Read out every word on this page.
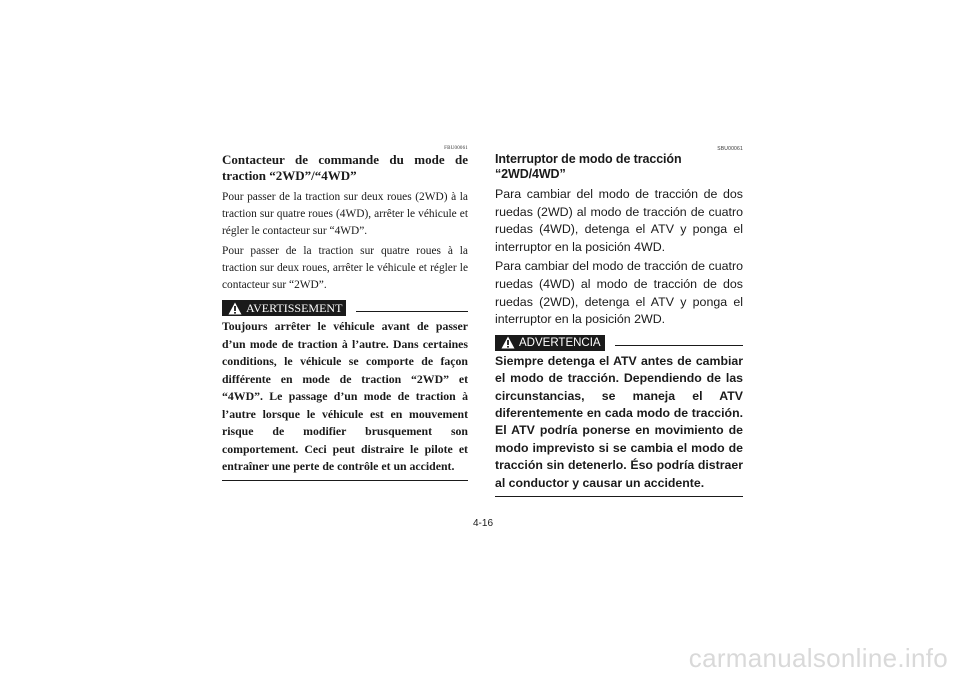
FBU00061
Contacteur de commande du mode de traction “2WD”/“4WD”

Pour passer de la traction sur deux roues (2WD) à la traction sur quatre roues (4WD), arrêter le véhicule et régler le contacteur sur “4WD”.

Pour passer de la traction sur quatre roues à la traction sur deux roues, arrêter le véhicule et régler le contacteur sur “2WD”.

AVERTISSEMENT
Toujours arrêter le véhicule avant de passer d’un mode de traction à l’autre. Dans certaines conditions, le véhicule se comporte de façon différente en mode de traction “2WD” et “4WD”. Le passage d’un mode de traction à l’autre lorsque le véhicule est en mouvement risque de modifier brusquement son comportement. Ceci peut distraire le pilote et entraîner une perte de contrôle et un accident.
SBU00061
Interruptor de modo de tracción “2WD/4WD”

Para cambiar del modo de tracción de dos ruedas (2WD) al modo de tracción de cuatro ruedas (4WD), detenga el ATV y ponga el interruptor en la posición 4WD.

Para cambiar del modo de tracción de cuatro ruedas (4WD) al modo de tracción de dos ruedas (2WD), detenga el ATV y ponga el interruptor en la posición 2WD.

ADVERTENCIA
Siempre detenga el ATV antes de cambiar el modo de tracción. Dependiendo de las circunstancias, se maneja el ATV diferentemente en cada modo de tracción. El ATV podría ponerse en movimiento de modo imprevisto si se cambia el modo de tracción sin detenerlo. Éso podría distraer al conductor y causar un accidente.
4-16
carmanualsonline.info
